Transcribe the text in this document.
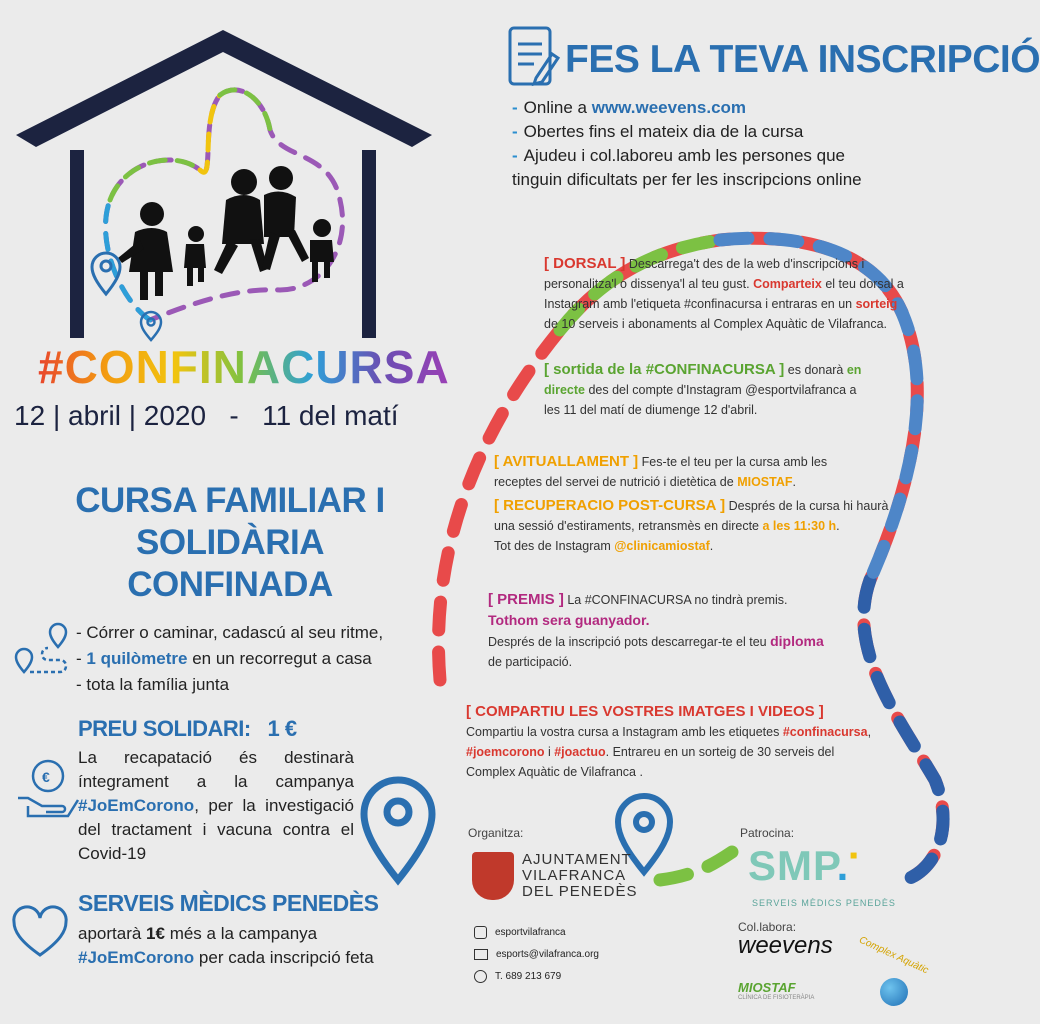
€
#CONFINACURSA
12 | abril | 2020 - 11 del matí
CURSA FAMILIAR I
SOLIDÀRIA CONFINADA
- Córrer o caminar, cadascú al seu ritme,
- 1 quilòmetre en un recorregut a casa
- tota la família junta
PREU SOLIDARI: 1 €
La recapatació és destinarà íntegrament a la campanya #JoEmCorono, per la investigació del tractament i vacuna contra el Covid-19
SERVEIS MÈDICS PENEDÈS
aportarà 1€ més a la campanya
#JoEmCorono per cada inscripció feta
FES LA TEVA INSCRIPCIÓ
- Online a www.weevens.com
- Obertes fins el mateix dia de la cursa
- Ajudeu i col.laboreu amb les persones que
tinguin dificultats per fer les inscripcions online
[ DORSAL ] Descarrega't des de la web d'inscripcions i personalitza'l o dissenya'l al teu gust. Comparteix el teu dorsal a Instagram amb l'etiqueta #confinacursa i entraras en un sorteig de 10 serveis i abonaments al Complex Aquàtic de Vilafranca.
[ sortida de la #CONFINACURSA ] es donarà en directe des del compte d'Instagram @esportvilafranca a les 11 del matí de diumenge 12 d'abril.
[ AVITUALLAMENT ] Fes-te el teu per la cursa amb les receptes del servei de nutrició i dietètica de MIOSTAF.
[ RECUPERACIO POST-CURSA ] Després de la cursa hi haurà una sessió d'estiraments, retransmès en directe a les 11:30 h.
Tot des de Instagram @clinicamiostaf.
[ PREMIS ] La #CONFINACURSA no tindrà premis.
Tothom sera guanyador.
Després de la inscripció pots descarregar-te el teu diploma
de participació.
[ COMPARTIU LES VOSTRES IMATGES I VIDEOS ]
Compartiu la vostra cursa a Instagram amb les etiquetes #confinacursa,
#joemcorono i #joactuo. Entrareu en un sorteig de 30 serveis del Complex Aquàtic de Vilafranca .
Organitza:
AJUNTAMENT
VILAFRANCA
DEL PENEDÈS
esportvilafranca
esports@vilafranca.org
T. 689 213 679
Patrocina:
SMP.▪
SERVEIS MÈDICS PENEDÈS
Col.labora:
weevens
MIOSTAF
CLÍNICA DE FISIOTERÀPIA
Complex Aquàtic
